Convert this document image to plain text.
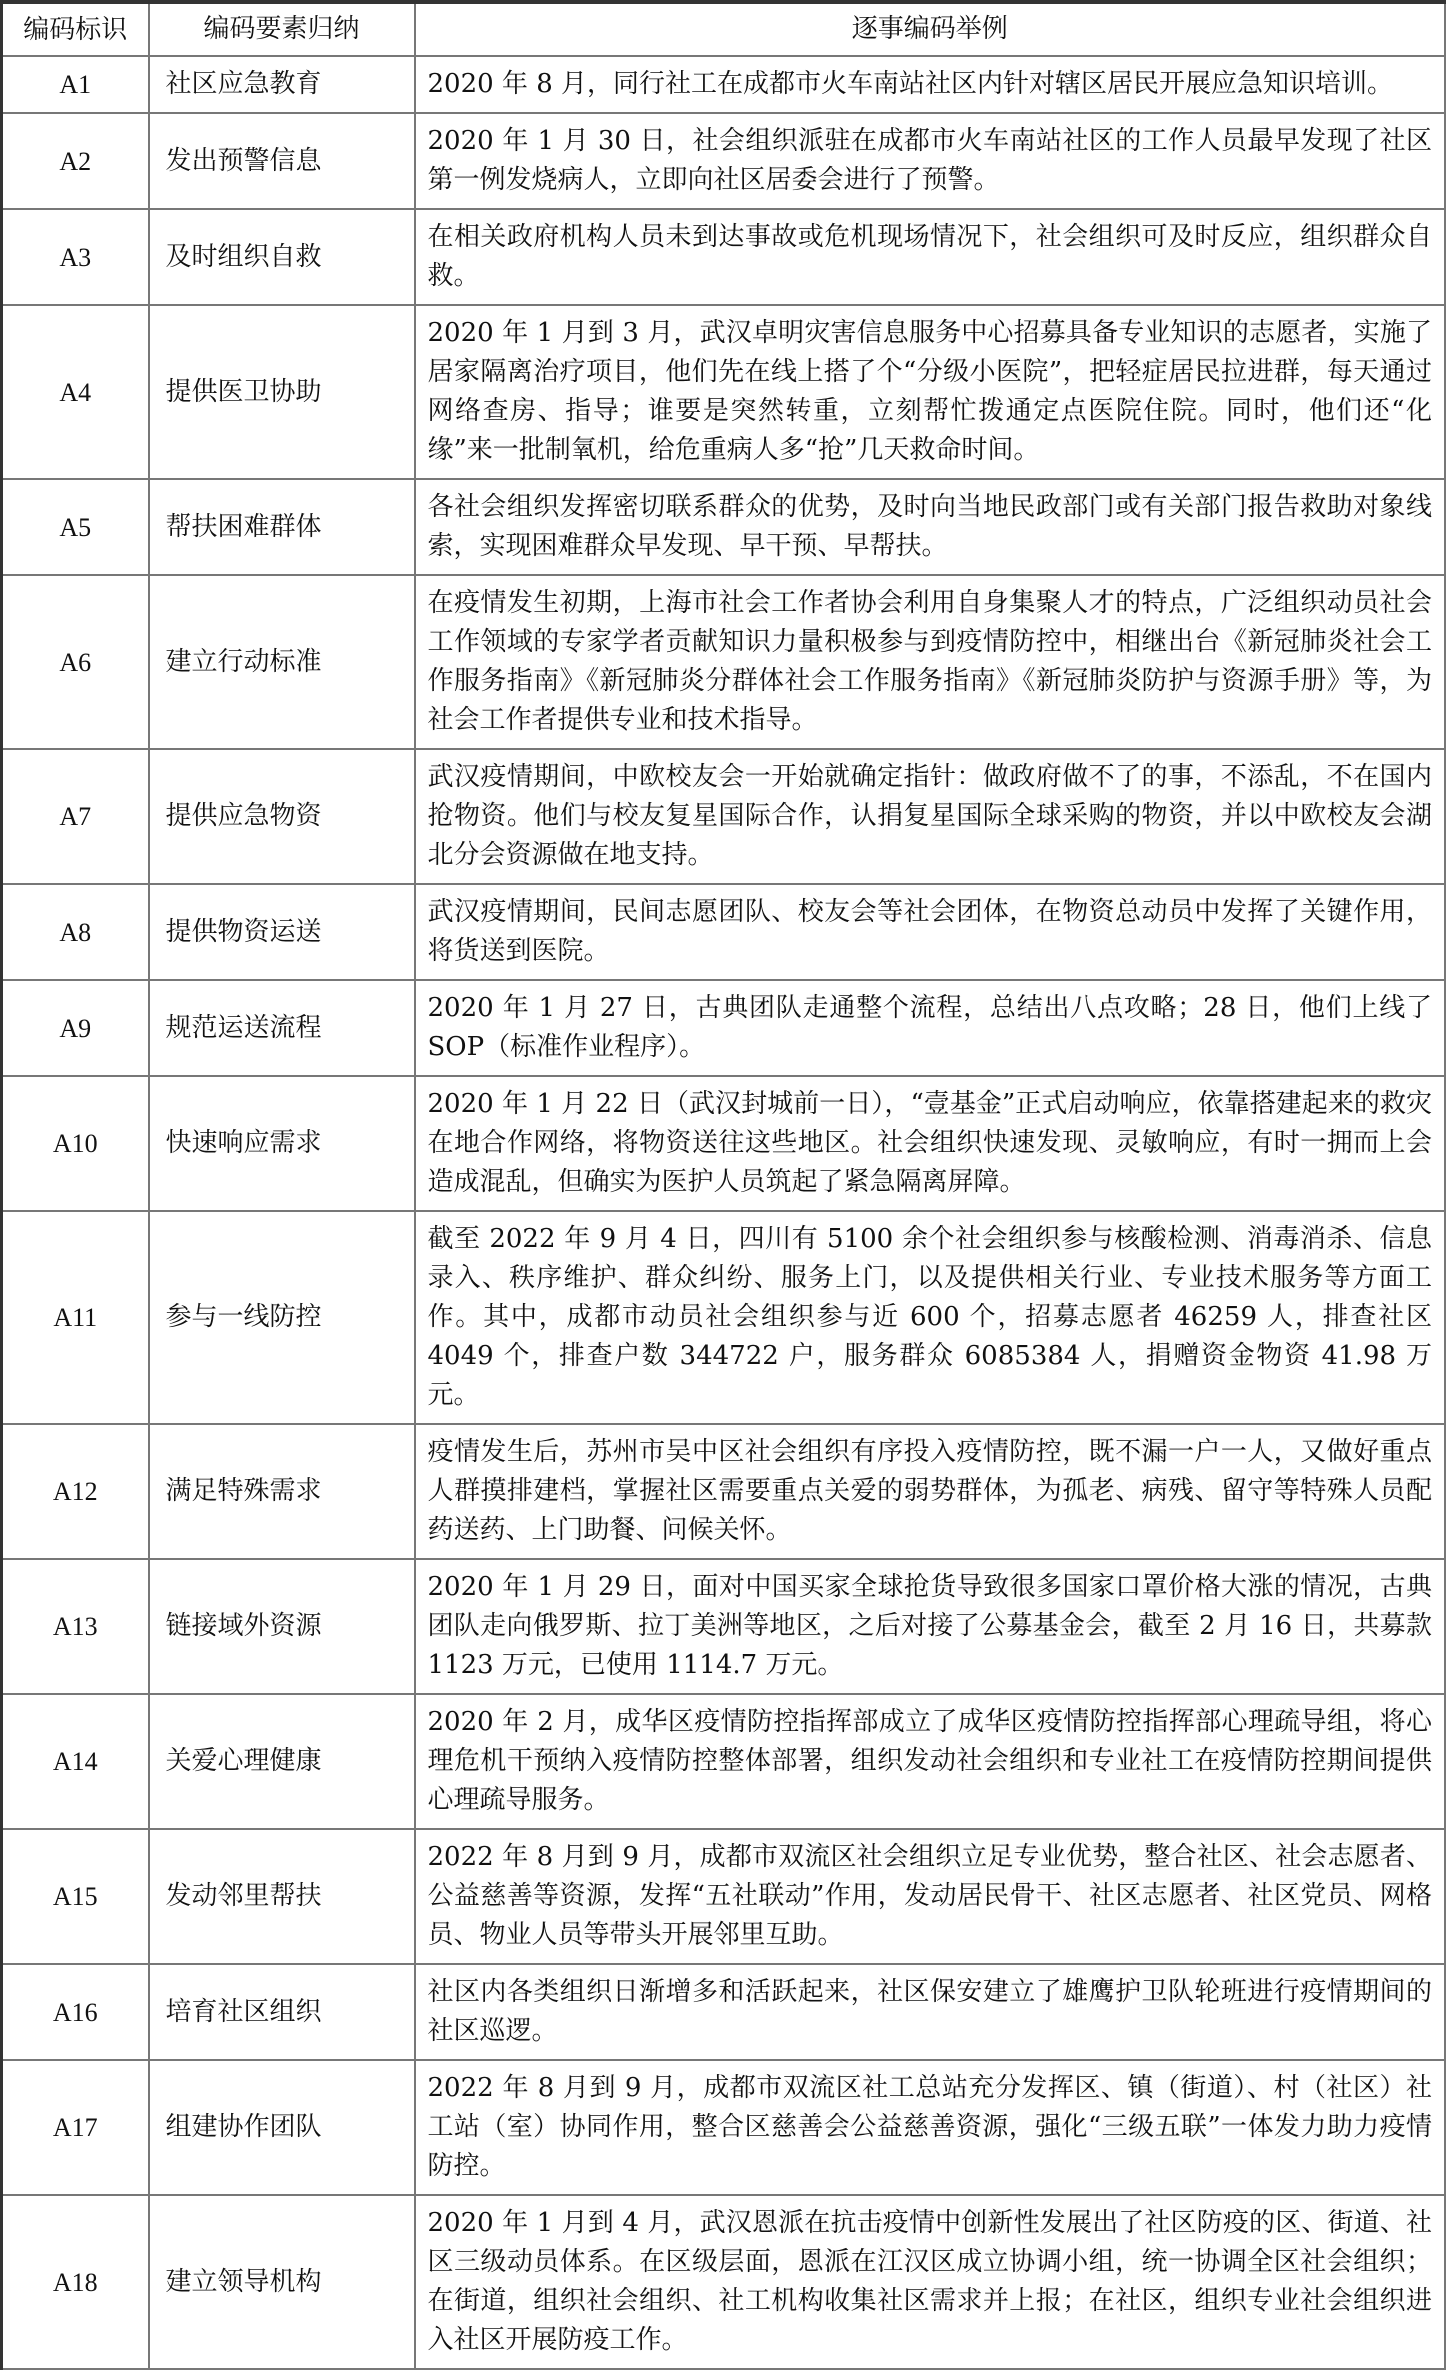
编码标识	编码要素归纳	逐事编码举例
A1	社区应急教育	2020 年 8 月，同行社工在成都市火车南站社区内针对辖区居民开展应急知识培训。
A2	发出预警信息	2020 年 1 月 30 日，社会组织派驻在成都市火车南站社区的工作人员最早发现了社区第一例发烧病人，立即向社区居委会进行了预警。
A3	及时组织自救	在相关政府机构人员未到达事故或危机现场情况下，社会组织可及时反应，组织群众自救。
A4	提供医卫协助	2020 年 1 月到 3 月，武汉卓明灾害信息服务中心招募具备专业知识的志愿者，实施了居家隔离治疗项目，他们先在线上搭了个“分级小医院”，把轻症居民拉进群，每天通过网络查房、指导；谁要是突然转重，立刻帮忙拨通定点医院住院。同时，他们还“化缘”来一批制氧机，给危重病人多“抢”几天救命时间。
A5	帮扶困难群体	各社会组织发挥密切联系群众的优势，及时向当地民政部门或有关部门报告救助对象线索，实现困难群众早发现、早干预、早帮扶。
A6	建立行动标准	在疫情发生初期，上海市社会工作者协会利用自身集聚人才的特点，广泛组织动员社会工作领域的专家学者贡献知识力量积极参与到疫情防控中，相继出台《新冠肺炎社会工作服务指南》《新冠肺炎分群体社会工作服务指南》《新冠肺炎防护与资源手册》等，为社会工作者提供专业和技术指导。
A7	提供应急物资	武汉疫情期间，中欧校友会一开始就确定指针：做政府做不了的事，不添乱，不在国内抢物资。他们与校友复星国际合作，认捐复星国际全球采购的物资，并以中欧校友会湖北分会资源做在地支持。
A8	提供物资运送	武汉疫情期间，民间志愿团队、校友会等社会团体，在物资总动员中发挥了关键作用，将货送到医院。
A9	规范运送流程	2020 年 1 月 27 日，古典团队走通整个流程，总结出八点攻略；28 日，他们上线了 SOP（标准作业程序）。
A10	快速响应需求	2020 年 1 月 22 日（武汉封城前一日），“壹基金”正式启动响应，依靠搭建起来的救灾在地合作网络，将物资送往这些地区。社会组织快速发现、灵敏响应，有时一拥而上会造成混乱，但确实为医护人员筑起了紧急隔离屏障。
A11	参与一线防控	截至 2022 年 9 月 4 日，四川有 5100 余个社会组织参与核酸检测、消毒消杀、信息录入、秩序维护、群众纠纷、服务上门，以及提供相关行业、专业技术服务等方面工作。其中，成都市动员社会组织参与近 600 个，招募志愿者 46259 人，排查社区 4049 个，排查户数 344722 户，服务群众 6085384 人，捐赠资金物资 41.98 万元。
A12	满足特殊需求	疫情发生后，苏州市吴中区社会组织有序投入疫情防控，既不漏一户一人，又做好重点人群摸排建档，掌握社区需要重点关爱的弱势群体，为孤老、病残、留守等特殊人员配药送药、上门助餐、问候关怀。
A13	链接域外资源	2020 年 1 月 29 日，面对中国买家全球抢货导致很多国家口罩价格大涨的情况，古典团队走向俄罗斯、拉丁美洲等地区，之后对接了公募基金会，截至 2 月 16 日，共募款 1123 万元，已使用 1114.7 万元。
A14	关爱心理健康	2020 年 2 月，成华区疫情防控指挥部成立了成华区疫情防控指挥部心理疏导组，将心理危机干预纳入疫情防控整体部署，组织发动社会组织和专业社工在疫情防控期间提供心理疏导服务。
A15	发动邻里帮扶	2022 年 8 月到 9 月，成都市双流区社会组织立足专业优势，整合社区、社会志愿者、公益慈善等资源，发挥“五社联动”作用，发动居民骨干、社区志愿者、社区党员、网格员、物业人员等带头开展邻里互助。
A16	培育社区组织	社区内各类组织日渐增多和活跃起来，社区保安建立了雄鹰护卫队轮班进行疫情期间的社区巡逻。
A17	组建协作团队	2022 年 8 月到 9 月，成都市双流区社工总站充分发挥区、镇（街道）、村（社区）社工站（室）协同作用，整合区慈善会公益慈善资源，强化“三级五联”一体发力助力疫情防控。
A18	建立领导机构	2020 年 1 月到 4 月，武汉恩派在抗击疫情中创新性发展出了社区防疫的区、街道、社区三级动员体系。在区级层面，恩派在江汉区成立协调小组，统一协调全区社会组织；在街道，组织社会组织、社工机构收集社区需求并上报；在社区，组织专业社会组织进入社区开展防疫工作。
